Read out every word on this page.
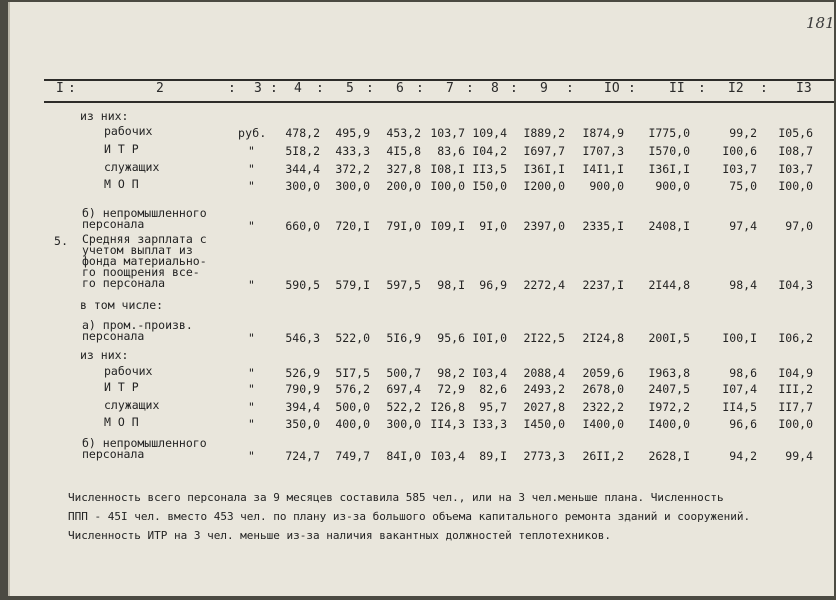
181
I	2	3 4	5	6	7	8	9	IO	II	I2	I3
:	:	:	:	:	:	:	:	:	:	:	:
из них:
рабочих	руб.	478,2	495,9	453,2 103,7 109,4	I889,2	I874,9	I775,0	99,2	I05,6
И Т Р	"	5I8,2	433,3	4I5,8	83,6 I04,2	I697,7	I707,3	I570,0	I00,6	I08,7
служащих	"	344,4	372,2	327,8 I08,I II3,5	I36I,I	I4I1,I	I36I,I	I03,7	I03,7
М О П	"	300,0	300,0	200,0 I00,0 I50,0	I200,0	900,0	900,0	75,0	I00,0
б) непромышленного
персонала	"	660,0	720,I	79I,0 I09,I	9I,0	2397,0	2335,I	2408,I	97,4	97,0
5. Средняя зарплата с
учетом выплат из
фонда материально-
го поощрения все-
го персонала	"	590,5	579,I	597,5	98,I	96,9	2272,4	2237,I	2I44,8	98,4	I04,3
в том числе:
а) пром.-произв.
персонала	"	546,3	522,0	5I6,9	95,6 I0I,0	2I22,5	2I24,8	200I,5	I00,I	I06,2
из них:
рабочих	"	526,9	5I7,5	500,7	98,2 I03,4	2088,4	2059,6	I963,8	98,6	I04,9
И Т Р	"	790,9	576,2	697,4	72,9	82,6	2493,2	2678,0	2407,5	I07,4	III,2
служащих	"	394,4	500,0	522,2 I26,8	95,7	2027,8	2322,2	I972,2	II4,5	II7,7
М О П	"	350,0	400,0	300,0 II4,3 I33,3	I450,0	I400,0	I400,0	96,6	I00,0
б) непромышленного
персонала	"	724,7	749,7	84I,0 I03,4	89,I	2773,3	26II,2	2628,I	94,2	99,4
Численность всего персонала за 9 месяцев составила 585 чел., или на 3 чел.меньше плана. Численность
ППП - 45I чел. вместо 453 чел. по плану из-за большого объема капитального ремонта зданий и сооружений.
Численность ИТР на 3 чел. меньше из-за наличия вакантных должностей теплотехников.
